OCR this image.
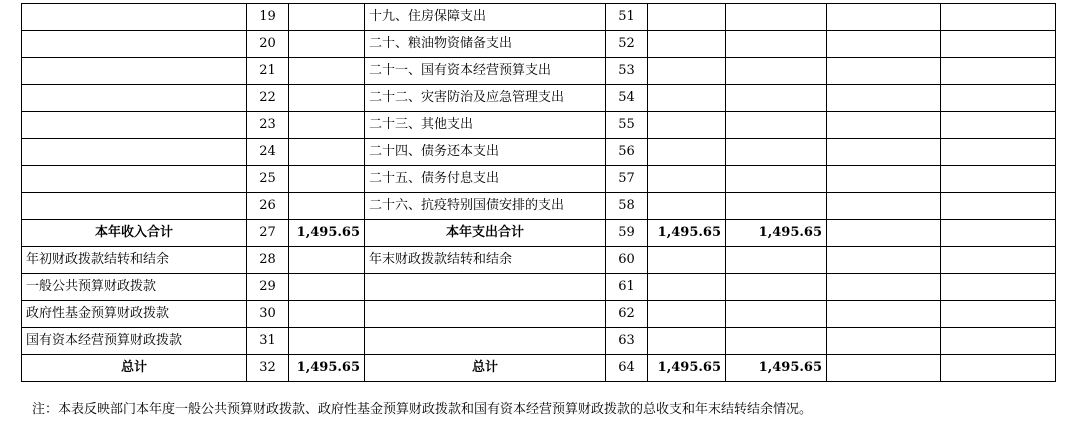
	19		十九、住房保障支出	51				
	20		二十、粮油物资储备支出	52				
	21		二十一、国有资本经营预算支出	53				
	22		二十二、灾害防治及应急管理支出	54				
	23		二十三、其他支出	55				
	24		二十四、债务还本支出	56				
	25		二十五、债务付息支出	57				
	26		二十六、抗疫特别国债安排的支出	58				
本年收入合计	27	1,495.65	本年支出合计	59	1,495.65	1,495.65		
年初财政拨款结转和结余	28		年末财政拨款结转和结余	60				
一般公共预算财政拨款	29			61				
政府性基金预算财政拨款	30			62				
国有资本经营预算财政拨款	31			63				
总计	32	1,495.65	总计	64	1,495.65	1,495.65		
注：本表反映部门本年度一般公共预算财政拨款、政府性基金预算财政拨款和国有资本经营预算财政拨款的总收支和年末结转结余情况。
